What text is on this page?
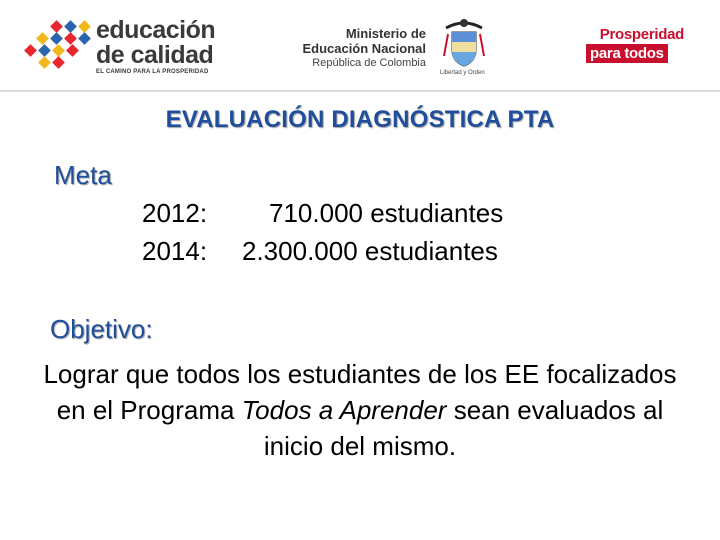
educación
de calidad
EL CAMINO PARA LA PROSPERIDAD
Ministerio de
Educación Nacional
República de Colombia
Libertad y Orden
Prosperidad
para todos
EVALUACIÓN DIAGNÓSTICA PTA
Meta
2012: 710.000 estudiantes
2014: 2.300.000 estudiantes
Objetivo:
Lograr que todos los estudiantes de los EE focalizados en el Programa Todos a Aprender sean evaluados al inicio del mismo.
